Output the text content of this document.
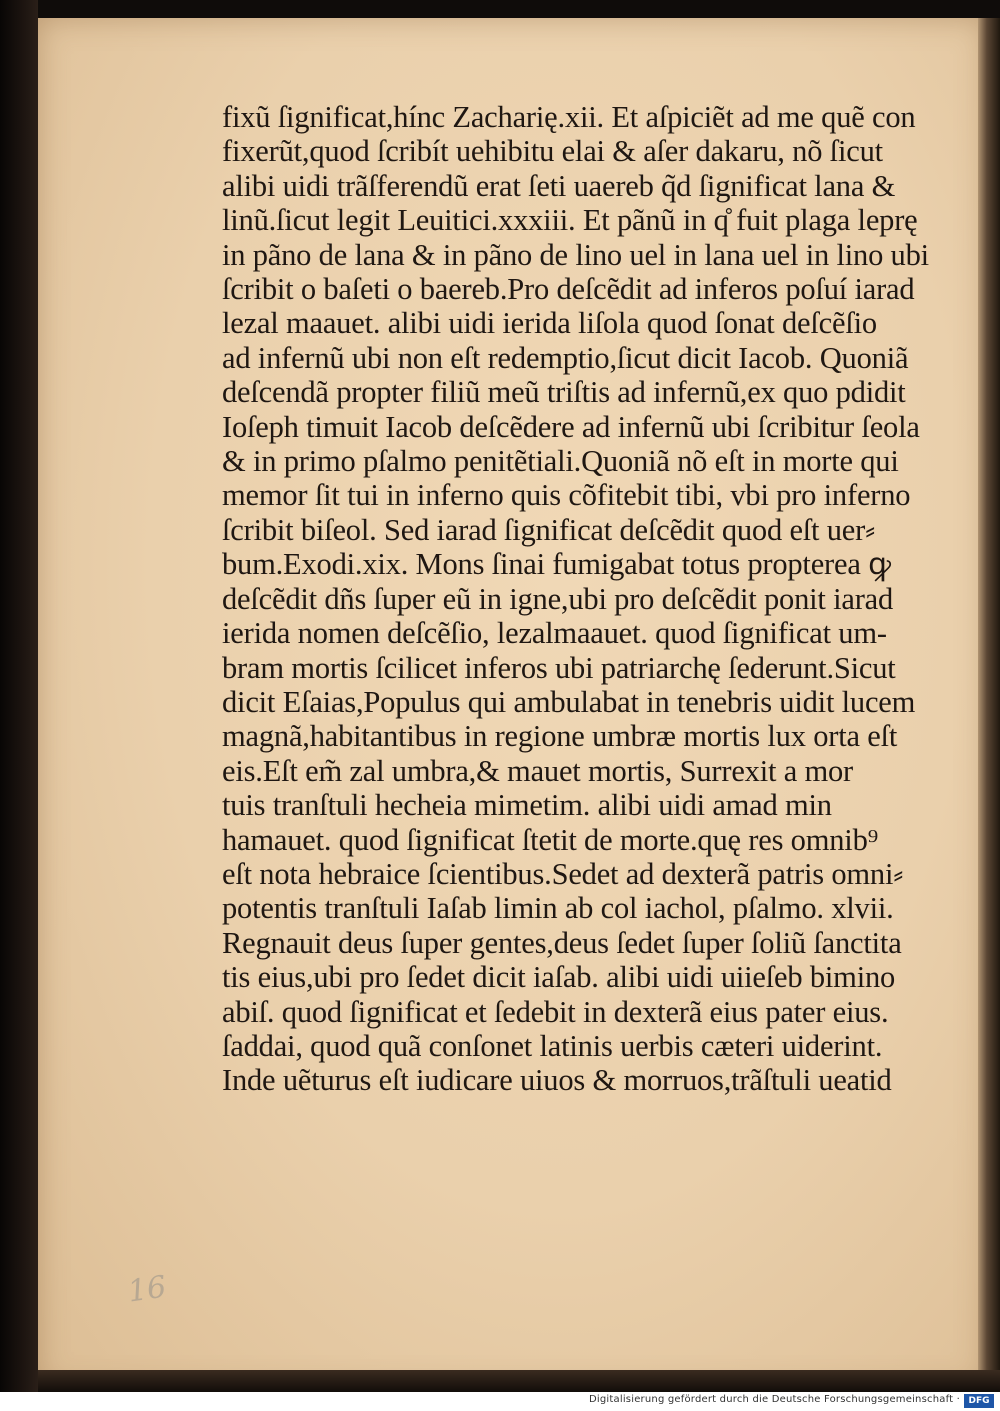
fixũ ſignificat,hínc Zacharię.xii. Et aſpiciẽt ad me quẽ con
fixerũt,quod ſcribít uehibitu elai & aſer dakaru, nõ ſicut
alibi uidi trãſferendũ erat ſeti uaereb q̃d ſignificat lana &
linũ.ſicut legit Leuitici.xxxiii. Et pãnũ in q̊ fuit plaga leprę
in pãno de lana & in pãno de lino uel in lana uel in lino ubi
ſcribit o baſeti o baereb.Pro deſcẽdit ad inferos poſuí iarad
lezal maauet. alibi uidi ierida liſola quod ſonat deſcẽſio
ad infernũ ubi non eſt redemptio,ſicut dicit Iacob. Quoniã
deſcendã propter filiũ meũ triſtis ad infernũ,ex quo pdidit
Ioſeph timuit Iacob deſcẽdere ad infernũ ubi ſcribitur ſeola
& in primo pſalmo penitẽtiali.Quoniã nõ eſt in morte qui
memor ſit tui in inferno quis cõfitebit tibi, vbi pro inferno
ſcribit biſeol. Sed iarad ſignificat deſcẽdit quod eſt uer⸗
bum.Exodi.xix. Mons ſinai fumigabat totus propterea ꝙ
deſcẽdit dñs ſuper eũ in igne,ubi pro deſcẽdit ponit iarad
ierida nomen deſcẽſio, lezalmaauet. quod ſignificat um-
bram mortis ſcilicet inferos ubi patriarchę ſederunt.Sicut
dicit Eſaias,Populus qui ambulabat in tenebris uidit lucem
magnã,habitantibus in regione umbræ mortis lux orta eſt
eis.Eſt em̃ zal umbra,& mauet mortis, Surrexit a mor
tuis tranſtuli hecheia mimetim. alibi uidi amad min
hamauet. quod ſignificat ſtetit de morte.quę res omnib⁹
eſt nota hebraice ſcientibus.Sedet ad dexterã patris omni⸗
potentis tranſtuli Iaſab limin ab col iachol, pſalmo. xlvii.
Regnauit deus ſuper gentes,deus ſedet ſuper ſoliũ ſanctita
tis eius,ubi pro ſedet dicit iaſab. alibi uidi uiieſeb bimino
abiſ. quod ſignificat et ſedebit in dexterã eius pater eius.
ſaddai, quod quã conſonet latinis uerbis cæteri uiderint.
Inde uẽturus eſt iudicare uiuos & morruos,trãſtuli ueatid
16
Digitalisierung gefördert durch die Deutsche Forschungsgemeinschaft · DFG
